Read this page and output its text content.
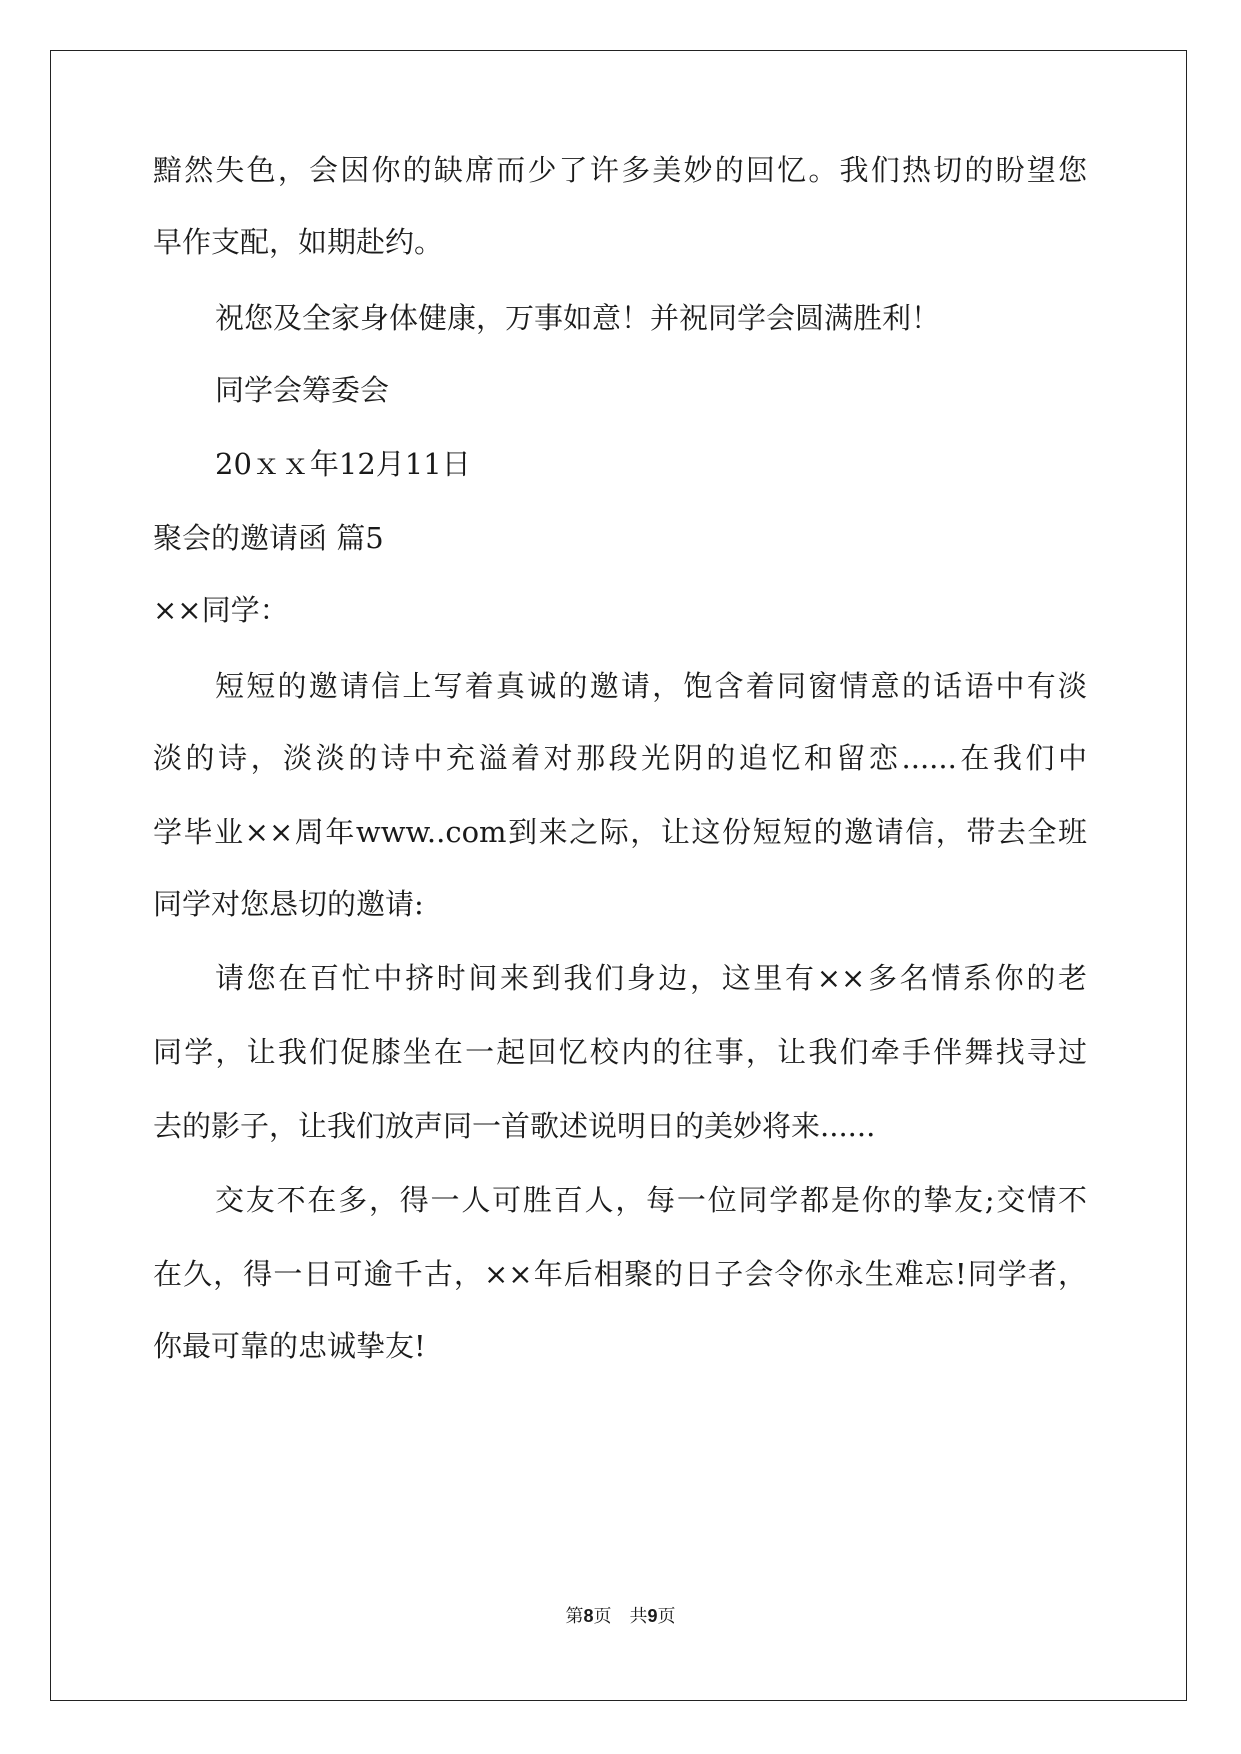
黯然失色，会因你的缺席而少了许多美妙的回忆。我们热切的盼望您

早作支配，如期赴约。

祝您及全家身体健康，万事如意！并祝同学会圆满胜利！

同学会筹委会

20ｘｘ年12月11日

聚会的邀请函 篇5

××同学：

短短的邀请信上写着真诚的邀请，饱含着同窗情意的话语中有淡

淡的诗，淡淡的诗中充溢着对那段光阴的追忆和留恋......在我们中

学毕业××周年www..com到来之际，让这份短短的邀请信，带去全班

同学对您恳切的邀请:

请您在百忙中挤时间来到我们身边，这里有××多名情系你的老

同学，让我们促膝坐在一起回忆校内的往事，让我们牵手伴舞找寻过

去的影子，让我们放声同一首歌述说明日的美妙将来......

交友不在多，得一人可胜百人，每一位同学都是你的挚友;交情不

在久，得一日可逾千古，××年后相聚的日子会令你永生难忘!同学者，

你最可靠的忠诚挚友!

第8页　共9页
